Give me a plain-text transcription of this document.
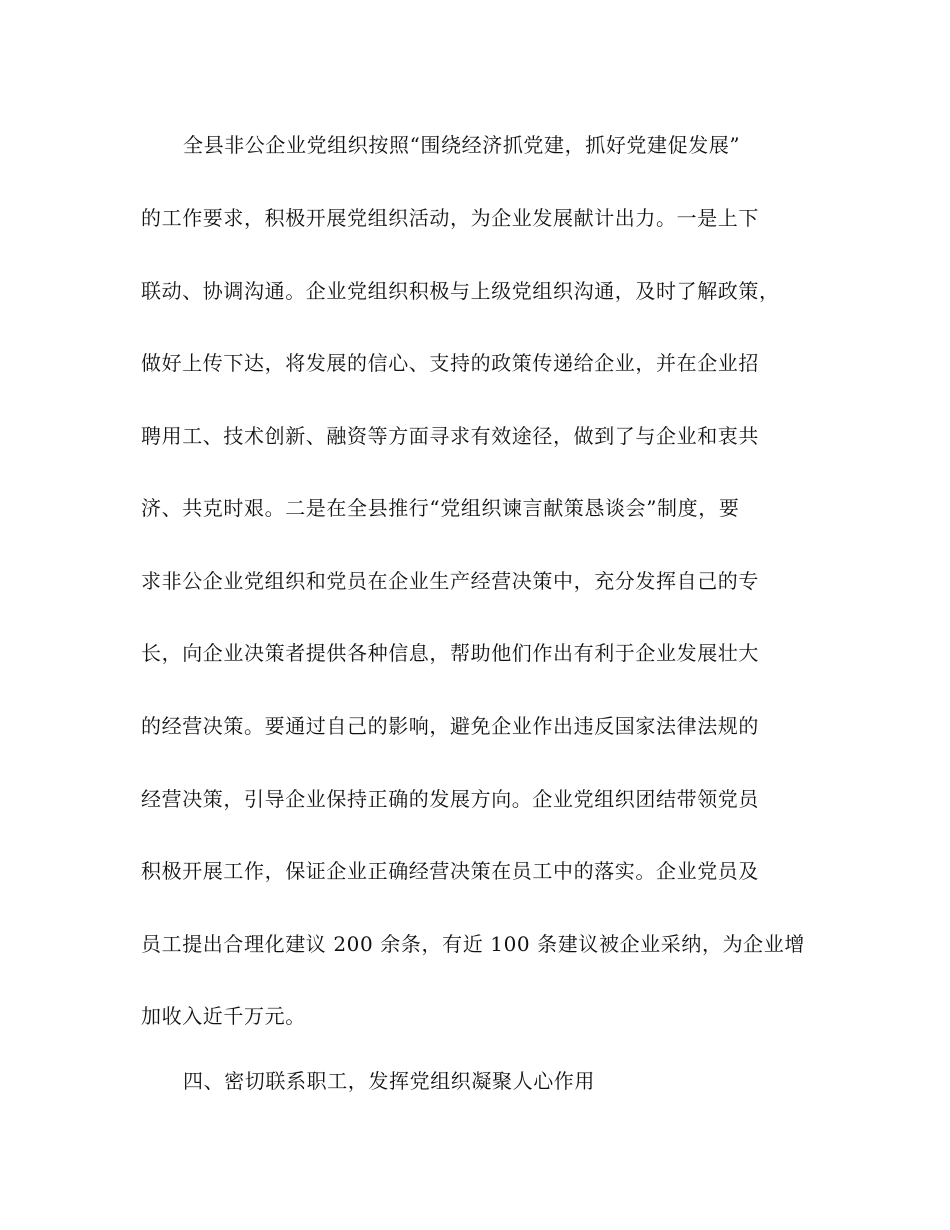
全县非公企业党组织按照“围绕经济抓党建，抓好党建促发展”
的工作要求，积极开展党组织活动，为企业发展献计出力。一是上下
联动、协调沟通。企业党组织积极与上级党组织沟通，及时了解政策，
做好上传下达，将发展的信心、支持的政策传递给企业，并在企业招
聘用工、技术创新、融资等方面寻求有效途径，做到了与企业和衷共
济、共克时艰。二是在全县推行“党组织谏言献策恳谈会”制度，要
求非公企业党组织和党员在企业生产经营决策中，充分发挥自己的专
长，向企业决策者提供各种信息，帮助他们作出有利于企业发展壮大
的经营决策。要通过自己的影响，避免企业作出违反国家法律法规的
经营决策，引导企业保持正确的发展方向。企业党组织团结带领党员
积极开展工作，保证企业正确经营决策在员工中的落实。企业党员及
员工提出合理化建议 200 余条，有近 100 条建议被企业采纳，为企业增
加收入近千万元。
四、密切联系职工，发挥党组织凝聚人心作用
